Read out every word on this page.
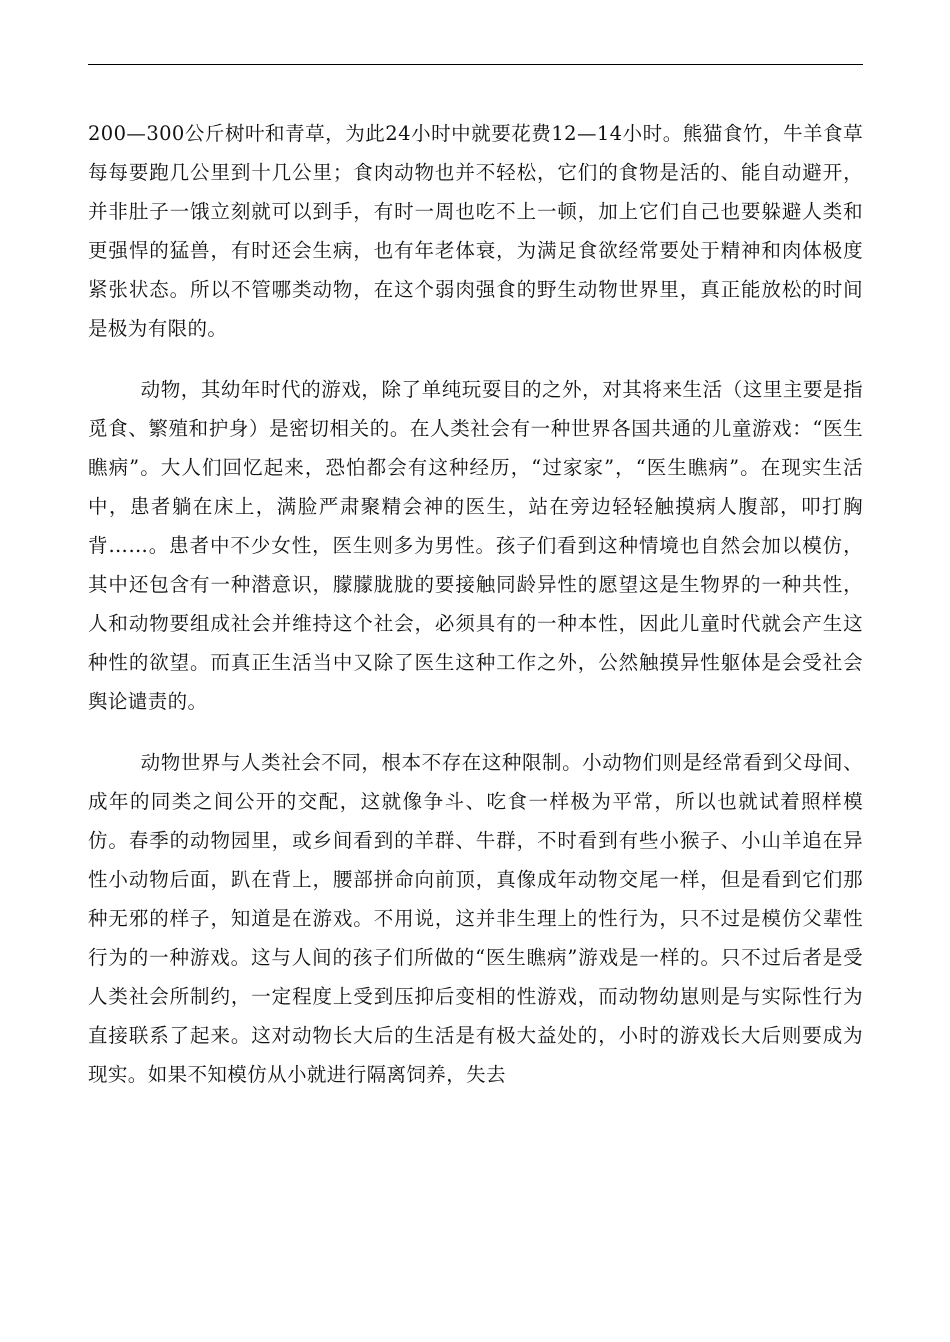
200—300公斤树叶和青草，为此24小时中就要花费12—14小时。熊猫食竹，牛羊食草每每要跑几公里到十几公里；食肉动物也并不轻松，它们的食物是活的、能自动避开，并非肚子一饿立刻就可以到手，有时一周也吃不上一顿，加上它们自己也要躲避人类和更强悍的猛兽，有时还会生病，也有年老体衰，为满足食欲经常要处于精神和肉体极度紧张状态。所以不管哪类动物，在这个弱肉强食的野生动物世界里，真正能放松的时间是极为有限的。

动物，其幼年时代的游戏，除了单纯玩耍目的之外，对其将来生活（这里主要是指觅食、繁殖和护身）是密切相关的。在人类社会有一种世界各国共通的儿童游戏：“医生瞧病”。大人们回忆起来，恐怕都会有这种经历，“过家家”，“医生瞧病”。在现实生活中，患者躺在床上，满脸严肃聚精会神的医生，站在旁边轻轻触摸病人腹部，叩打胸背……。患者中不少女性，医生则多为男性。孩子们看到这种情境也自然会加以模仿，其中还包含有一种潜意识，朦朦胧胧的要接触同龄异性的愿望这是生物界的一种共性，人和动物要组成社会并维持这个社会，必须具有的一种本性，因此儿童时代就会产生这种性的欲望。而真正生活当中又除了医生这种工作之外，公然触摸异性躯体是会受社会舆论谴责的。

动物世界与人类社会不同，根本不存在这种限制。小动物们则是经常看到父母间、成年的同类之间公开的交配，这就像争斗、吃食一样极为平常，所以也就试着照样模仿。春季的动物园里，或乡间看到的羊群、牛群，不时看到有些小猴子、小山羊追在异性小动物后面，趴在背上，腰部拼命向前顶，真像成年动物交尾一样，但是看到它们那种无邪的样子，知道是在游戏。不用说，这并非生理上的性行为，只不过是模仿父辈性行为的一种游戏。这与人间的孩子们所做的“医生瞧病”游戏是一样的。只不过后者是受人类社会所制约，一定程度上受到压抑后变相的性游戏，而动物幼崽则是与实际性行为直接联系了起来。这对动物长大后的生活是有极大益处的，小时的游戏长大后则要成为现实。如果不知模仿从小就进行隔离饲养，失去
